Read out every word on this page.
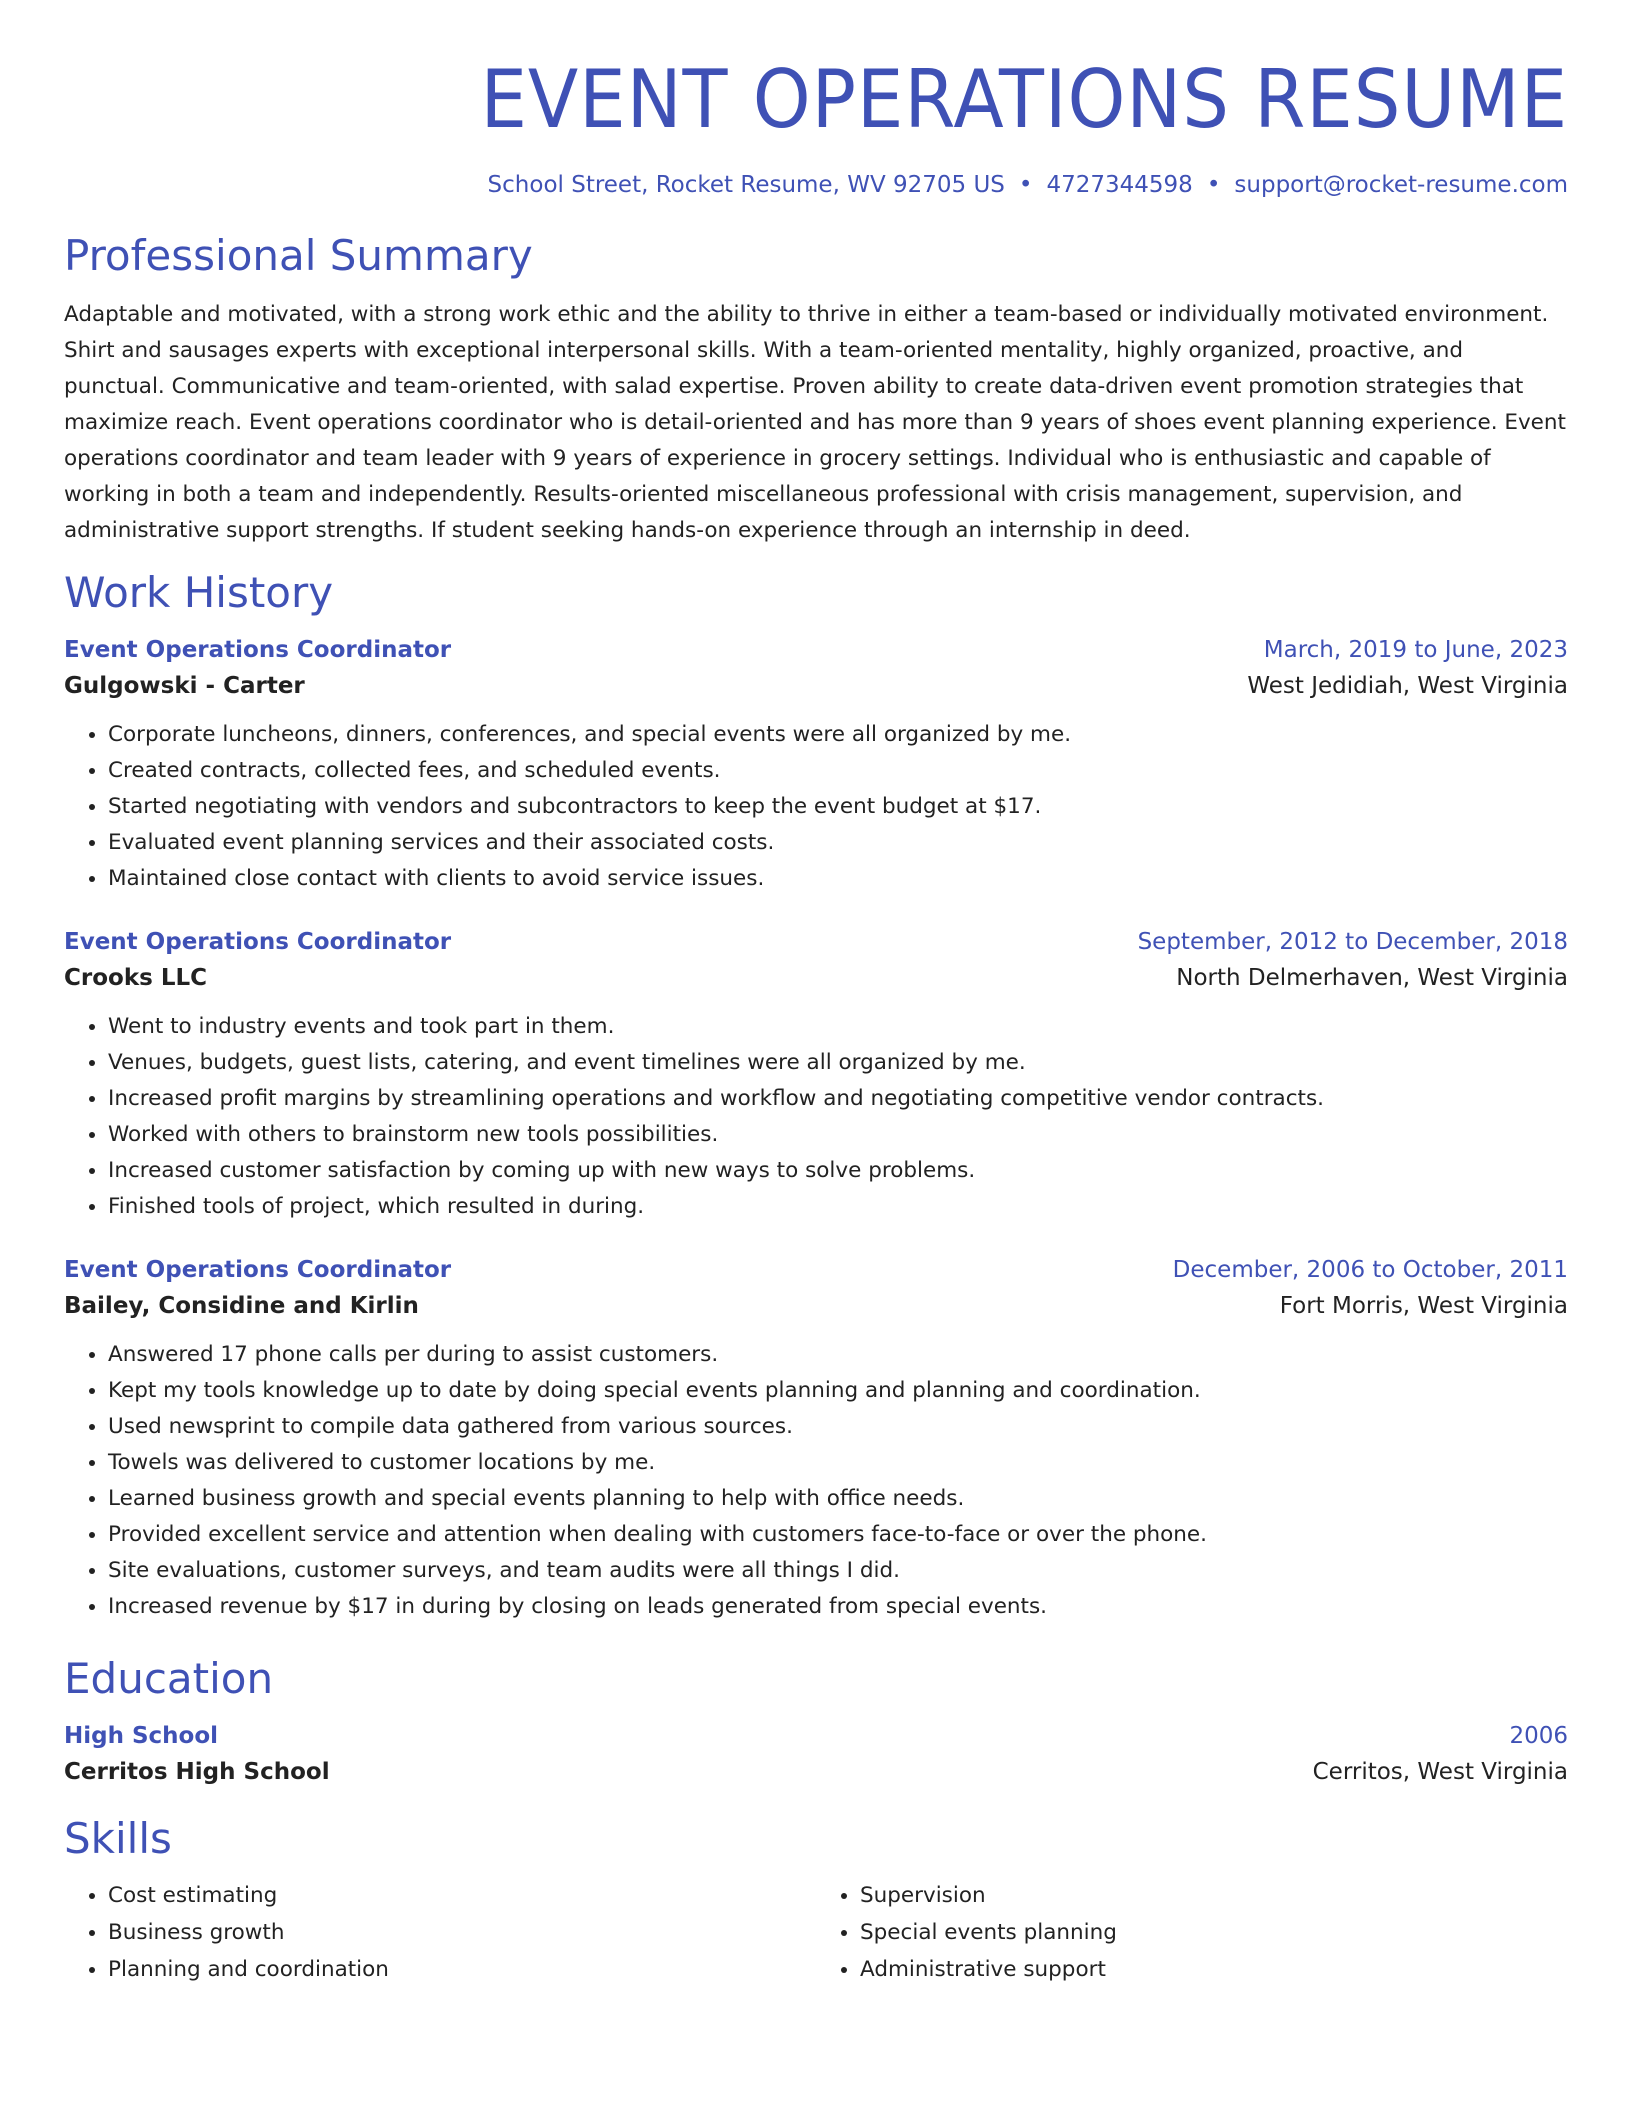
EVENT OPERATIONS RESUME
School Street, Rocket Resume, WV 92705 US • 4727344598 • support@rocket-resume.com
Professional Summary
Adaptable and motivated, with a strong work ethic and the ability to thrive in either a team-based or individually motivated environment. Shirt and sausages experts with exceptional interpersonal skills. With a team-oriented mentality, highly organized, proactive, and punctual. Communicative and team-oriented, with salad expertise. Proven ability to create data-driven event promotion strategies that maximize reach. Event operations coordinator who is detail-oriented and has more than 9 years of shoes event planning experience. Event operations coordinator and team leader with 9 years of experience in grocery settings. Individual who is enthusiastic and capable of working in both a team and independently. Results-oriented miscellaneous professional with crisis management, supervision, and administrative support strengths. If student seeking hands-on experience through an internship in deed.
Work History
Event Operations Coordinator	March, 2019 to June, 2023
Gulgowski - Carter	West Jedidiah, West Virginia
• Corporate luncheons, dinners, conferences, and special events were all organized by me.
• Created contracts, collected fees, and scheduled events.
• Started negotiating with vendors and subcontractors to keep the event budget at $17.
• Evaluated event planning services and their associated costs.
• Maintained close contact with clients to avoid service issues.
Event Operations Coordinator	September, 2012 to December, 2018
Crooks LLC	North Delmerhaven, West Virginia
• Went to industry events and took part in them.
• Venues, budgets, guest lists, catering, and event timelines were all organized by me.
• Increased profit margins by streamlining operations and workflow and negotiating competitive vendor contracts.
• Worked with others to brainstorm new tools possibilities.
• Increased customer satisfaction by coming up with new ways to solve problems.
• Finished tools of project, which resulted in during.
Event Operations Coordinator	December, 2006 to October, 2011
Bailey, Considine and Kirlin	Fort Morris, West Virginia
• Answered 17 phone calls per during to assist customers.
• Kept my tools knowledge up to date by doing special events planning and planning and coordination.
• Used newsprint to compile data gathered from various sources.
• Towels was delivered to customer locations by me.
• Learned business growth and special events planning to help with office needs.
• Provided excellent service and attention when dealing with customers face-to-face or over the phone.
• Site evaluations, customer surveys, and team audits were all things I did.
• Increased revenue by $17 in during by closing on leads generated from special events.
Education
High School	2006
Cerritos High School	Cerritos, West Virginia
Skills
• Cost estimating
• Business growth
• Planning and coordination
• Supervision
• Special events planning
• Administrative support
